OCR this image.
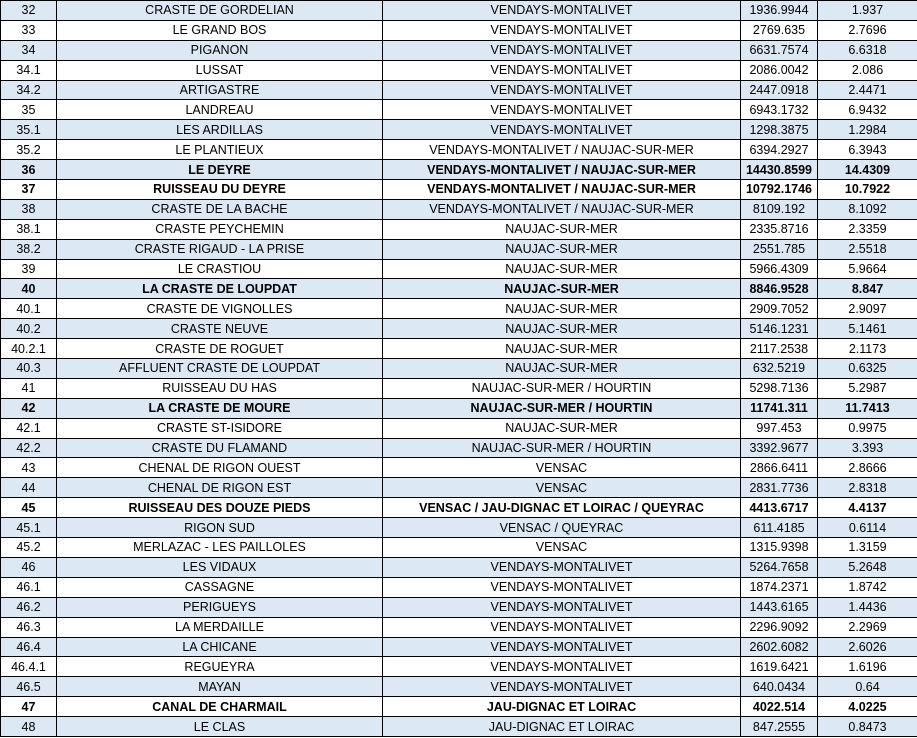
32	CRASTE DE GORDELIAN	VENDAYS-MONTALIVET	1936.9944	1.937
33	LE GRAND BOS	VENDAYS-MONTALIVET	2769.635	2.7696
34	PIGANON	VENDAYS-MONTALIVET	6631.7574	6.6318
34.1	LUSSAT	VENDAYS-MONTALIVET	2086.0042	2.086
34.2	ARTIGASTRE	VENDAYS-MONTALIVET	2447.0918	2.4471
35	LANDREAU	VENDAYS-MONTALIVET	6943.1732	6.9432
35.1	LES ARDILLAS	VENDAYS-MONTALIVET	1298.3875	1.2984
35.2	LE PLANTIEUX	VENDAYS-MONTALIVET / NAUJAC-SUR-MER	6394.2927	6.3943
36	LE DEYRE	VENDAYS-MONTALIVET / NAUJAC-SUR-MER	14430.8599	14.4309
37	RUISSEAU DU DEYRE	VENDAYS-MONTALIVET / NAUJAC-SUR-MER	10792.1746	10.7922
38	CRASTE DE LA BACHE	VENDAYS-MONTALIVET / NAUJAC-SUR-MER	8109.192	8.1092
38.1	CRASTE PEYCHEMIN	NAUJAC-SUR-MER	2335.8716	2.3359
38.2	CRASTE RIGAUD - LA PRISE	NAUJAC-SUR-MER	2551.785	2.5518
39	LE CRASTIOU	NAUJAC-SUR-MER	5966.4309	5.9664
40	LA CRASTE DE LOUPDAT	NAUJAC-SUR-MER	8846.9528	8.847
40.1	CRASTE DE VIGNOLLES	NAUJAC-SUR-MER	2909.7052	2.9097
40.2	CRASTE NEUVE	NAUJAC-SUR-MER	5146.1231	5.1461
40.2.1	CRASTE DE ROGUET	NAUJAC-SUR-MER	2117.2538	2.1173
40.3	AFFLUENT CRASTE DE LOUPDAT	NAUJAC-SUR-MER	632.5219	0.6325
41	RUISSEAU DU HAS	NAUJAC-SUR-MER / HOURTIN	5298.7136	5.2987
42	LA CRASTE DE MOURE	NAUJAC-SUR-MER / HOURTIN	11741.311	11.7413
42.1	CRASTE ST-ISIDORE	NAUJAC-SUR-MER	997.453	0.9975
42.2	CRASTE DU FLAMAND	NAUJAC-SUR-MER / HOURTIN	3392.9677	3.393
43	CHENAL DE RIGON OUEST	VENSAC	2866.6411	2.8666
44	CHENAL DE RIGON EST	VENSAC	2831.7736	2.8318
45	RUISSEAU DES DOUZE PIEDS	VENSAC / JAU-DIGNAC ET LOIRAC / QUEYRAC	4413.6717	4.4137
45.1	RIGON SUD	VENSAC / QUEYRAC	611.4185	0.6114
45.2	MERLAZAC - LES PAILLOLES	VENSAC	1315.9398	1.3159
46	LES VIDAUX	VENDAYS-MONTALIVET	5264.7658	5.2648
46.1	CASSAGNE	VENDAYS-MONTALIVET	1874.2371	1.8742
46.2	PERIGUEYS	VENDAYS-MONTALIVET	1443.6165	1.4436
46.3	LA MERDAILLE	VENDAYS-MONTALIVET	2296.9092	2.2969
46.4	LA CHICANE	VENDAYS-MONTALIVET	2602.6082	2.6026
46.4.1	REGUEYRA	VENDAYS-MONTALIVET	1619.6421	1.6196
46.5	MAYAN	VENDAYS-MONTALIVET	640.0434	0.64
47	CANAL DE CHARMAIL	JAU-DIGNAC ET LOIRAC	4022.514	4.0225
48	LE CLAS	JAU-DIGNAC ET LOIRAC	847.2555	0.8473
